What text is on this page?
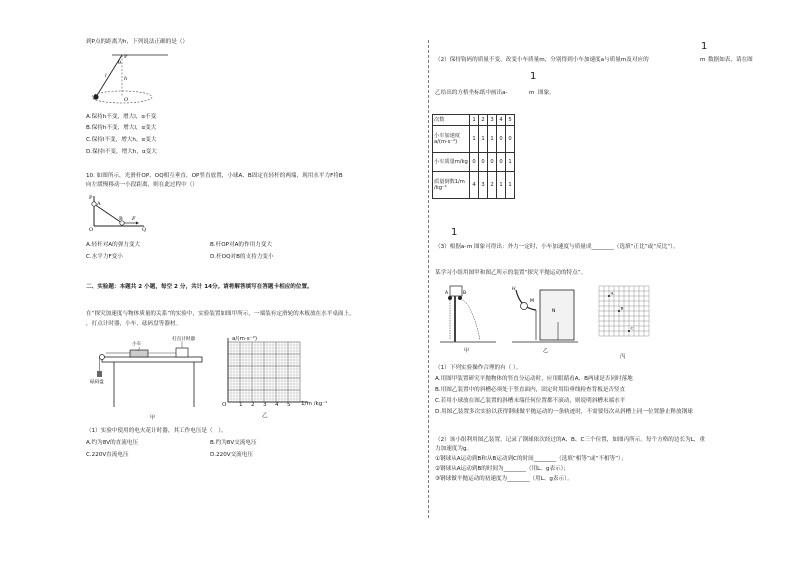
到P点的距离为h，下列说法正确的是（）
P
l
θ
O
h
A.保持h不变，增大l，α不变
B.保持h不变，增大l，α变大
C.保持l不变，增大h，α变大
D.保持l不变，增大h，α变大
10. 如图所示，光滑杆OP、OQ相互垂直，OP竖直放置，小球A、B固定在轻杆的两端，现用水平力F将B
向左缓慢移动一小段距离，则在此过程中（）
P
A
O
B F
Q
A.轻杆对A的弹力变大	B.杆OP对A的作用力变大
C.水平力F变小	D.杆OQ对B的支持力变小
二、实验题：本题共 2 小题，每空 2 分，共计 14分。请将解答填写在答题卡相应的位置。
在“探究加速度与物体质量的关系”的实验中，实验装置如图甲所示，一端装有定滑轮的木板放在水平桌面上，
，打点计时器，小车，砝码盘等器材。
小车
打点计时器
砝码盘
甲
a/(m·s⁻²)
1/m /kg⁻¹
O 1 2 3 4 5
乙
（1）实验中使用的电火花计时器，其工作电压是（　）。
A.约为8V的直流电压	B.约为8V交流电压
C.220V直流电压	D.220V交流电压
1
（2）保持钩码的质量不变，改变小车质量m，分别得到小车加速度a与质量m及对应的	m 数据如表，请在图
1
乙给出的方格坐标纸中画出a-	m 图象。
次数	1	2	3	4	5
小车加速度a/(m·s⁻²)	1	1	1	0	0
小车质量m/kg	0	0	0	0	1
质量倒数1/m /kg⁻¹	4	3	2	1	1
1
（3）根据a- m 图象可得出：外力一定时，小车加速度与质量成________（选填“正比”或“反比”）。
某学习小组用图甲和图乙所示的装置“探究平抛运动的特点”。
A	B
甲
H
M
N
乙
A
B
C
丙
（1）下列实验操作合理的有（ ）。
A.用图甲装置研究平抛物体的竖直分运动时，应用眼睛看A、B两球是否同时落地
B.用图乙装置中的斜槽必须处于竖直面内，固定时用铅垂线检查背板是否竖直
C.若用小球放在图乙装置的斜槽末端任何位置都不滚动，则说明斜槽末端水平
D.用图乙装置多次实验以获得钢球做平抛运动的一条轨迹时，不需要每次从斜槽上同一位置静止释放钢球
（2）该小组利用图乙装置，记录了钢球依次经过的A、B、C三个位置，如图丙所示。每个方格的边长为L，重
力加速度为g。
①钢球从A运动到B和从B运动到C的时间________（选填“相等”或“不相等”）；
②钢球从A运动到B的时间为________（用L、g表示）；
③钢球做平抛运动的初速度为________（用L、g表示）。
